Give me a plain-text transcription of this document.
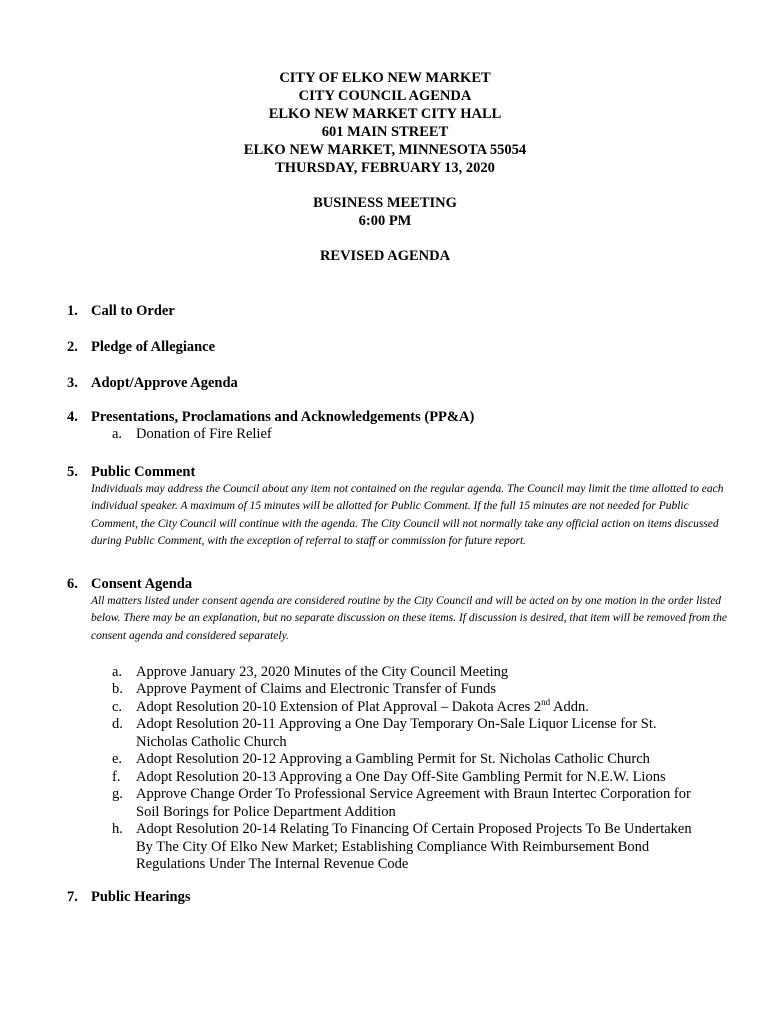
CITY OF ELKO NEW MARKET
CITY COUNCIL AGENDA
ELKO NEW MARKET CITY HALL
601 MAIN STREET
ELKO NEW MARKET, MINNESOTA 55054
THURSDAY, FEBRUARY 13, 2020
BUSINESS MEETING
6:00 PM
REVISED AGENDA
1. Call to Order
2. Pledge of Allegiance
3. Adopt/Approve Agenda
4. Presentations, Proclamations and Acknowledgements (PP&A)
a. Donation of Fire Relief
5. Public Comment
Individuals may address the Council about any item not contained on the regular agenda. The Council may limit the time allotted to each individual speaker. A maximum of 15 minutes will be allotted for Public Comment. If the full 15 minutes are not needed for Public Comment, the City Council will continue with the agenda. The City Council will not normally take any official action on items discussed during Public Comment, with the exception of referral to staff or commission for future report.
6. Consent Agenda
All matters listed under consent agenda are considered routine by the City Council and will be acted on by one motion in the order listed below. There may be an explanation, but no separate discussion on these items. If discussion is desired, that item will be removed from the consent agenda and considered separately.
a. Approve January 23, 2020 Minutes of the City Council Meeting
b. Approve Payment of Claims and Electronic Transfer of Funds
c. Adopt Resolution 20-10 Extension of Plat Approval – Dakota Acres 2nd Addn.
d. Adopt Resolution 20-11 Approving a One Day Temporary On-Sale Liquor License for St.
Nicholas Catholic Church
e. Adopt Resolution 20-12 Approving a Gambling Permit for St. Nicholas Catholic Church
f. Adopt Resolution 20-13 Approving a One Day Off-Site Gambling Permit for N.E.W. Lions
g. Approve Change Order To Professional Service Agreement with Braun Intertec Corporation for
Soil Borings for Police Department Addition
h. Adopt Resolution 20-14 Relating To Financing Of Certain Proposed Projects To Be Undertaken
By The City Of Elko New Market; Establishing Compliance With Reimbursement Bond
Regulations Under The Internal Revenue Code
7. Public Hearings
